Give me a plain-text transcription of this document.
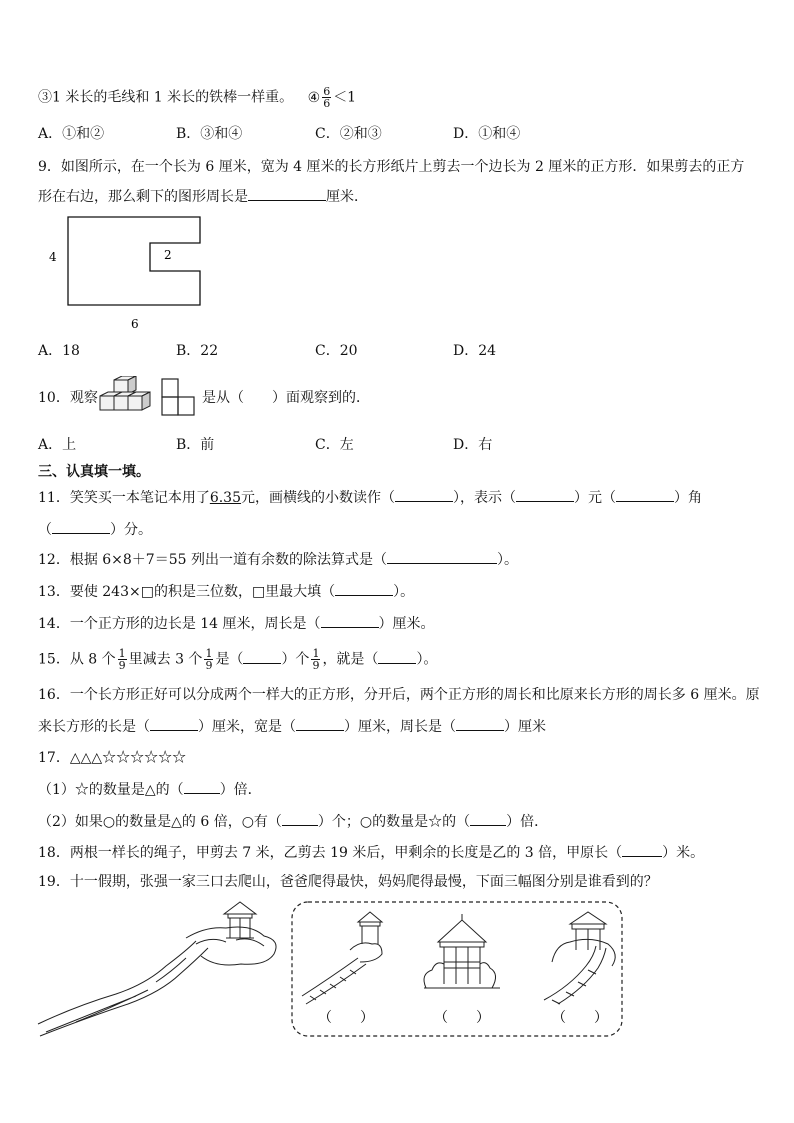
③1 米长的毛线和 1 米长的铁棒一样重。 ④ $\frac{6}{6} <1$
A．①和②	B．③和④	C．②和③	D．①和④
9．如图所示，在一个长为 6 厘米，宽为 4 厘米的长方形纸片上剪去一个边长为 2 厘米的正方形．如果剪去的正方
形在右边，那么剩下的图形周长是	厘米．
4	2
6
A．18	B．22	C．20	D．24
10．观察	是从（　　）面观察到的．
A．上	B．前	C．左	D．右
三、认真填一填。
11．笑笑买一本笔记本用了6.35元，画横线的小数读作（	），表示（	）元（	）角
（	）分。
12．根据 6×8＋7＝55 列出一道有余数的除法算式是（	）。
13．要使 243×□的积是三位数，□里最大填（	）。
14．一个正方形的边长是 14 厘米，周长是（	）厘米。
15．从 8 个 $\frac{1}{9}$ 里减去 3 个 $\frac{1}{9}$ 是（	）个 $\frac{1}{9}$ ，就是（	）。
16．一个长方形正好可以分成两个一样大的正方形，分开后，两个正方形的周长和比原来长方形的周长多 6 厘米。原
来长方形的长是（	）厘米，宽是（	）厘米，周长是（	）厘米
17．△△△☆☆☆☆☆☆
（1）☆的数量是△的（	）倍．
（2）如果○的数量是△的 6 倍，○有（	）个；○的数量是☆的（	）倍．
18．两根一样长的绳子，甲剪去 7 米，乙剪去 19 米后，甲剩余的长度是乙的 3 倍，甲原长（	）米。
19．十一假期，张强一家三口去爬山，爸爸爬得最快，妈妈爬得最慢，下面三幅图分别是谁看到的？
（　　）	（　　）	（　　）
